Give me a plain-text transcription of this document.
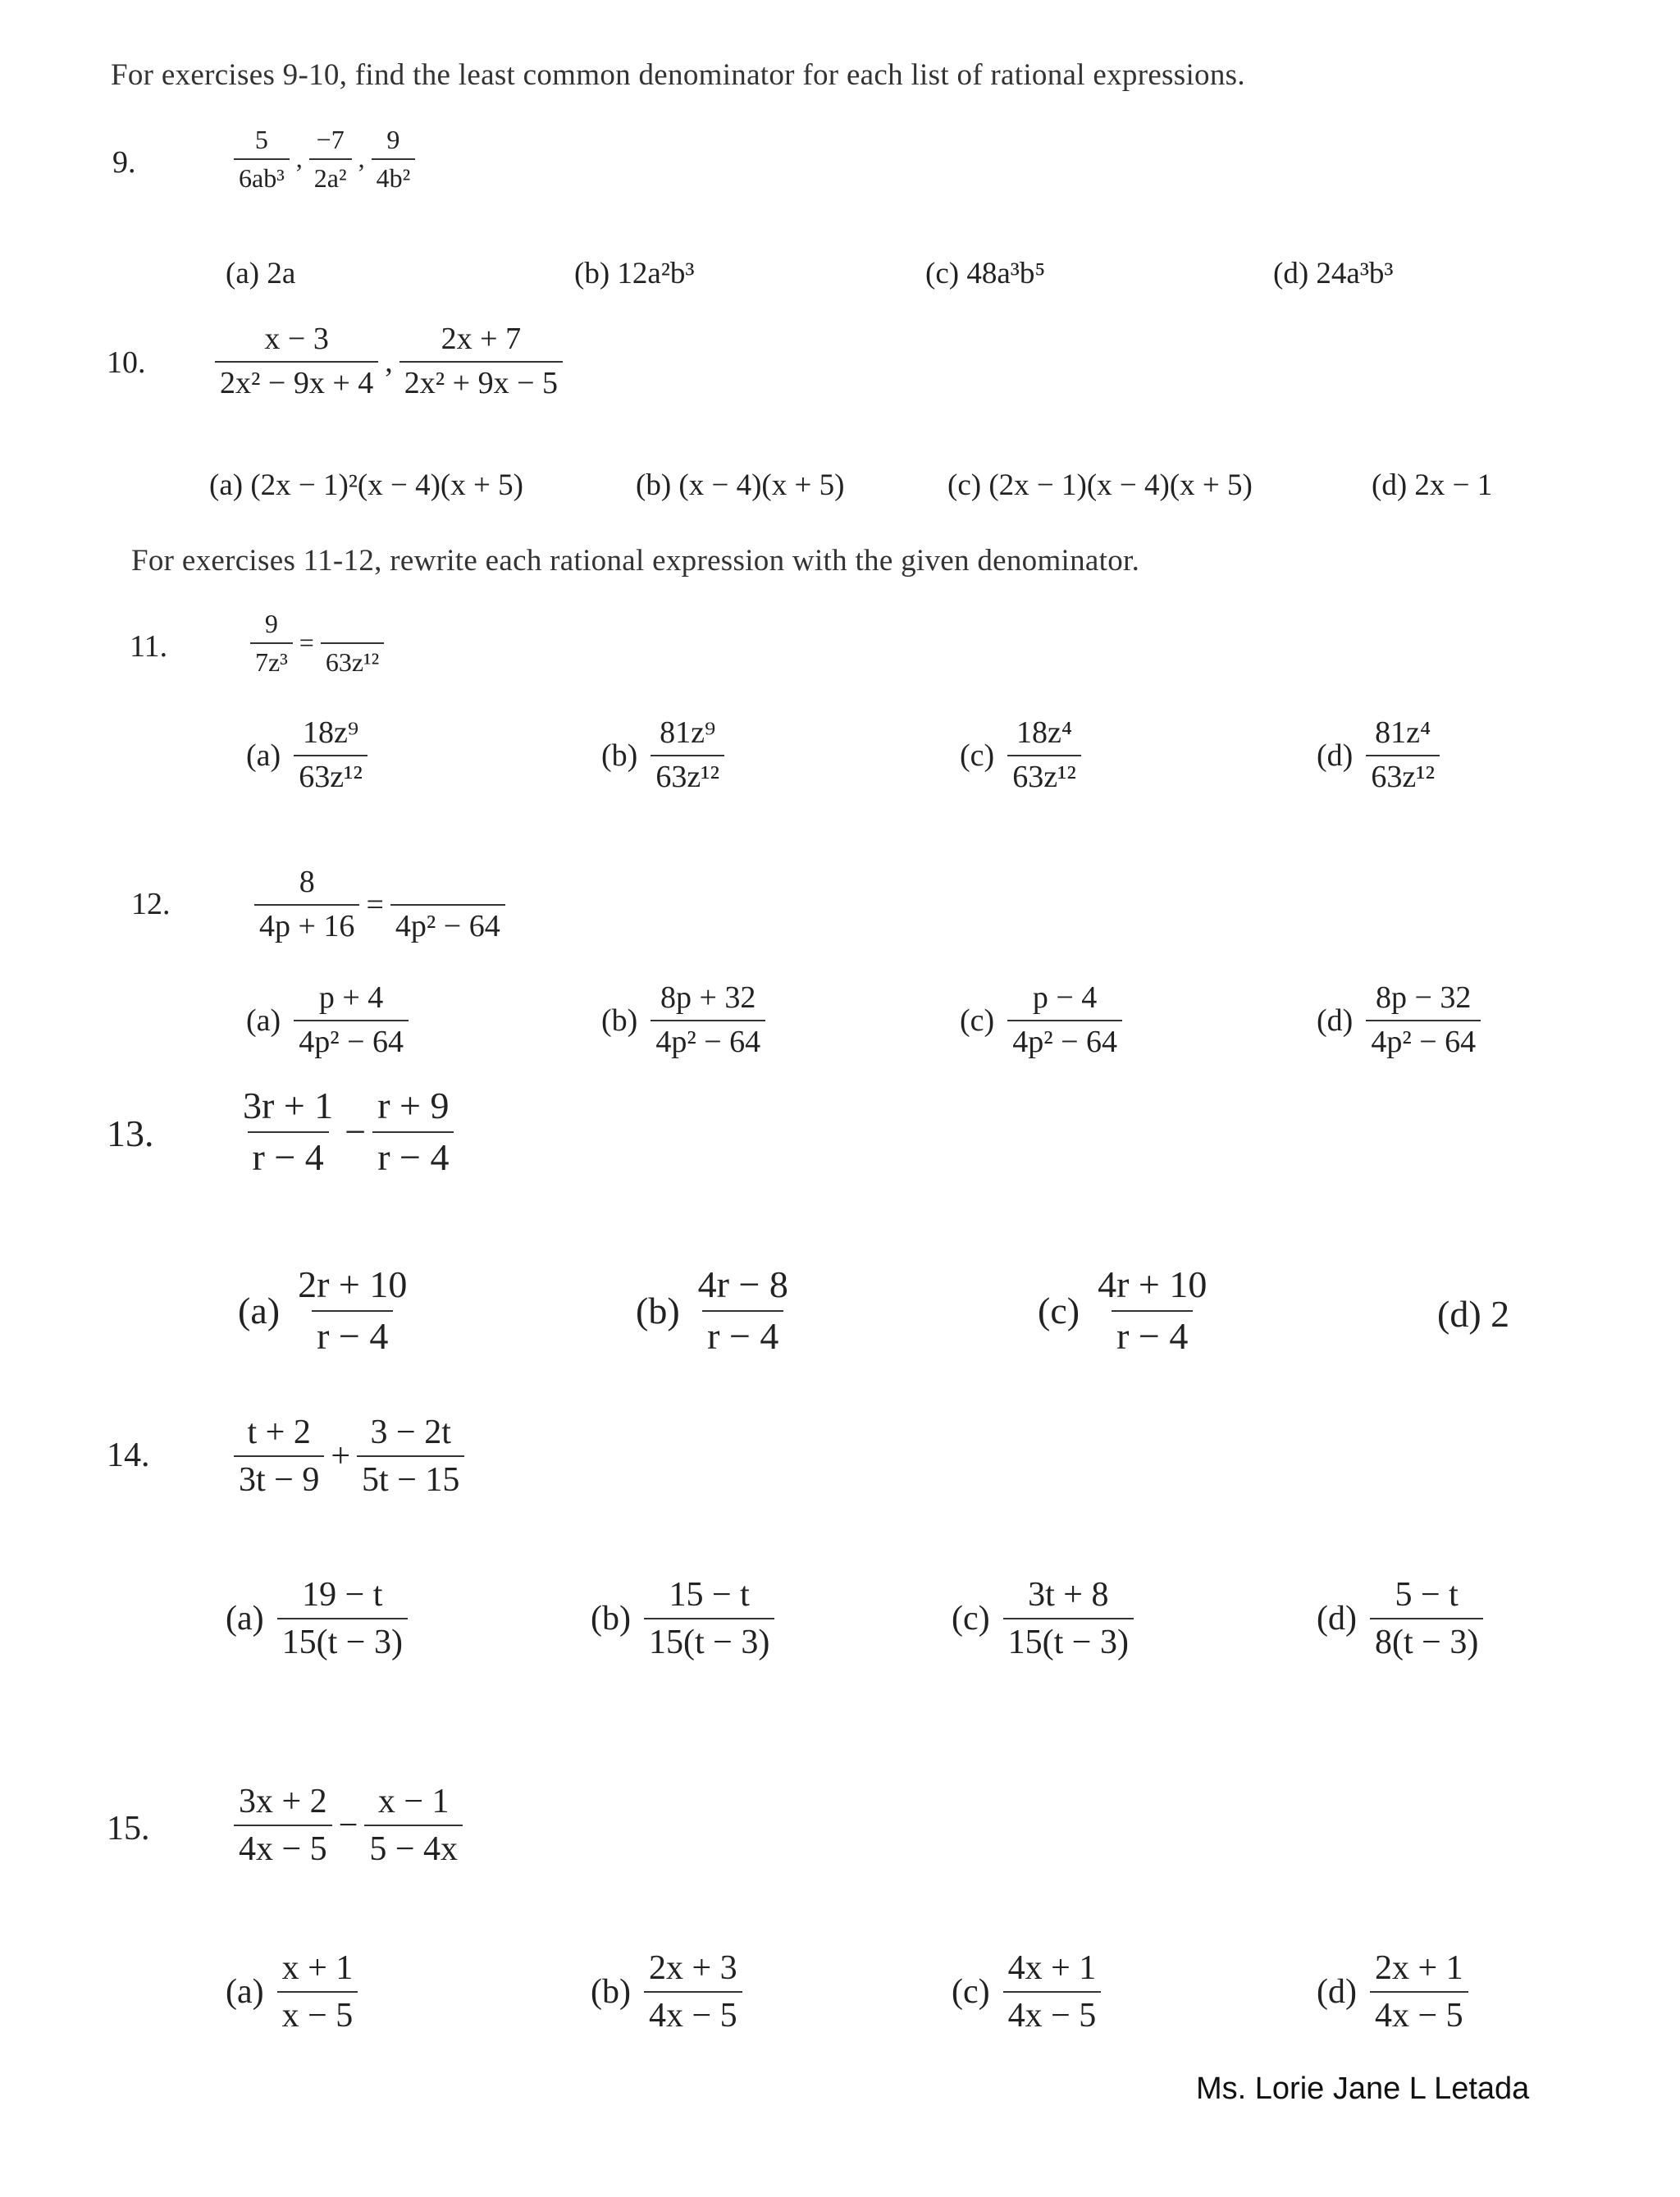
For exercises 9-10, find the least common denominator for each list of rational expressions.
9.	$\frac{5}{\text{6ab³}}$ , $\frac{-7}{\text{2a²}}$ , $\frac{9}{\text{4b²}}$
(a) 2a	(b) 12a²b³	(c) 48a³b⁵	(d) 24a³b³
10. $\frac{x - 3}{\text{2x² − 9x + 4}}$ , $\frac{2x + 7}{\text{2x² + 9x − 5}}$
(a) (2x − 1)²(x − 4)(x + 5)	(b) (x − 4)(x + 5)	(c) (2x − 1)(x − 4)(x + 5)	(d) 2x − 1
For exercises 11-12, rewrite each rational expression with the given denominator.
11.	$\frac{9}{\text{7z³}}$ =

63z¹²
$(a) \frac{\text{18z⁹}}{\text{63z¹²}}$	$(b) \frac{\text{81z⁹}}{\text{63z¹²}}$	$(c) \frac{\text{18z⁴}}{\text{63z¹²}}$	$(d) \frac{\text{81z⁴}}{\text{63z¹²}}$
12.	$\frac{8}{4p + 16}$ =

4p² − 64
$(a) \frac{p + 4}{\text{4p² − 64}}$	$(b) \frac{8p + 32}{\text{4p² − 64}}$	$(c) \frac{p - 4}{\text{4p² − 64}}$	$(d) \frac{8p - 32}{\text{4p² − 64}}$
13. $\frac{3r + 1}{r - 4} - \frac{r + 9}{r - 4}$
$(a) \frac{2r + 10}{r - 4}$	$(b) \frac{4r - 8}{r - 4}$	$(c) \frac{4r + 10}{r - 4}$	(d) 2
14. $\frac{t + 2}{3t - 9} + \frac{3 - 2t}{5t - 15}$
$(a) \frac{19 - t}{15(t - 3)}$	$(b) \frac{15 - t}{15(t - 3)}$	$(c) \frac{3t + 8}{15(t - 3)}$	$(d) \frac{5 - t}{8(t - 3)}$
15. $\frac{3x + 2}{4x - 5} - \frac{x - 1}{5 - 4x}$
$(a) \frac{x + 1}{x - 5}$	$(b) \frac{2x + 3}{4x - 5}$	$(c) \frac{4x + 1}{4x - 5}$	$(d) \frac{2x + 1}{4x - 5}$
Ms. Lorie Jane L Letada
